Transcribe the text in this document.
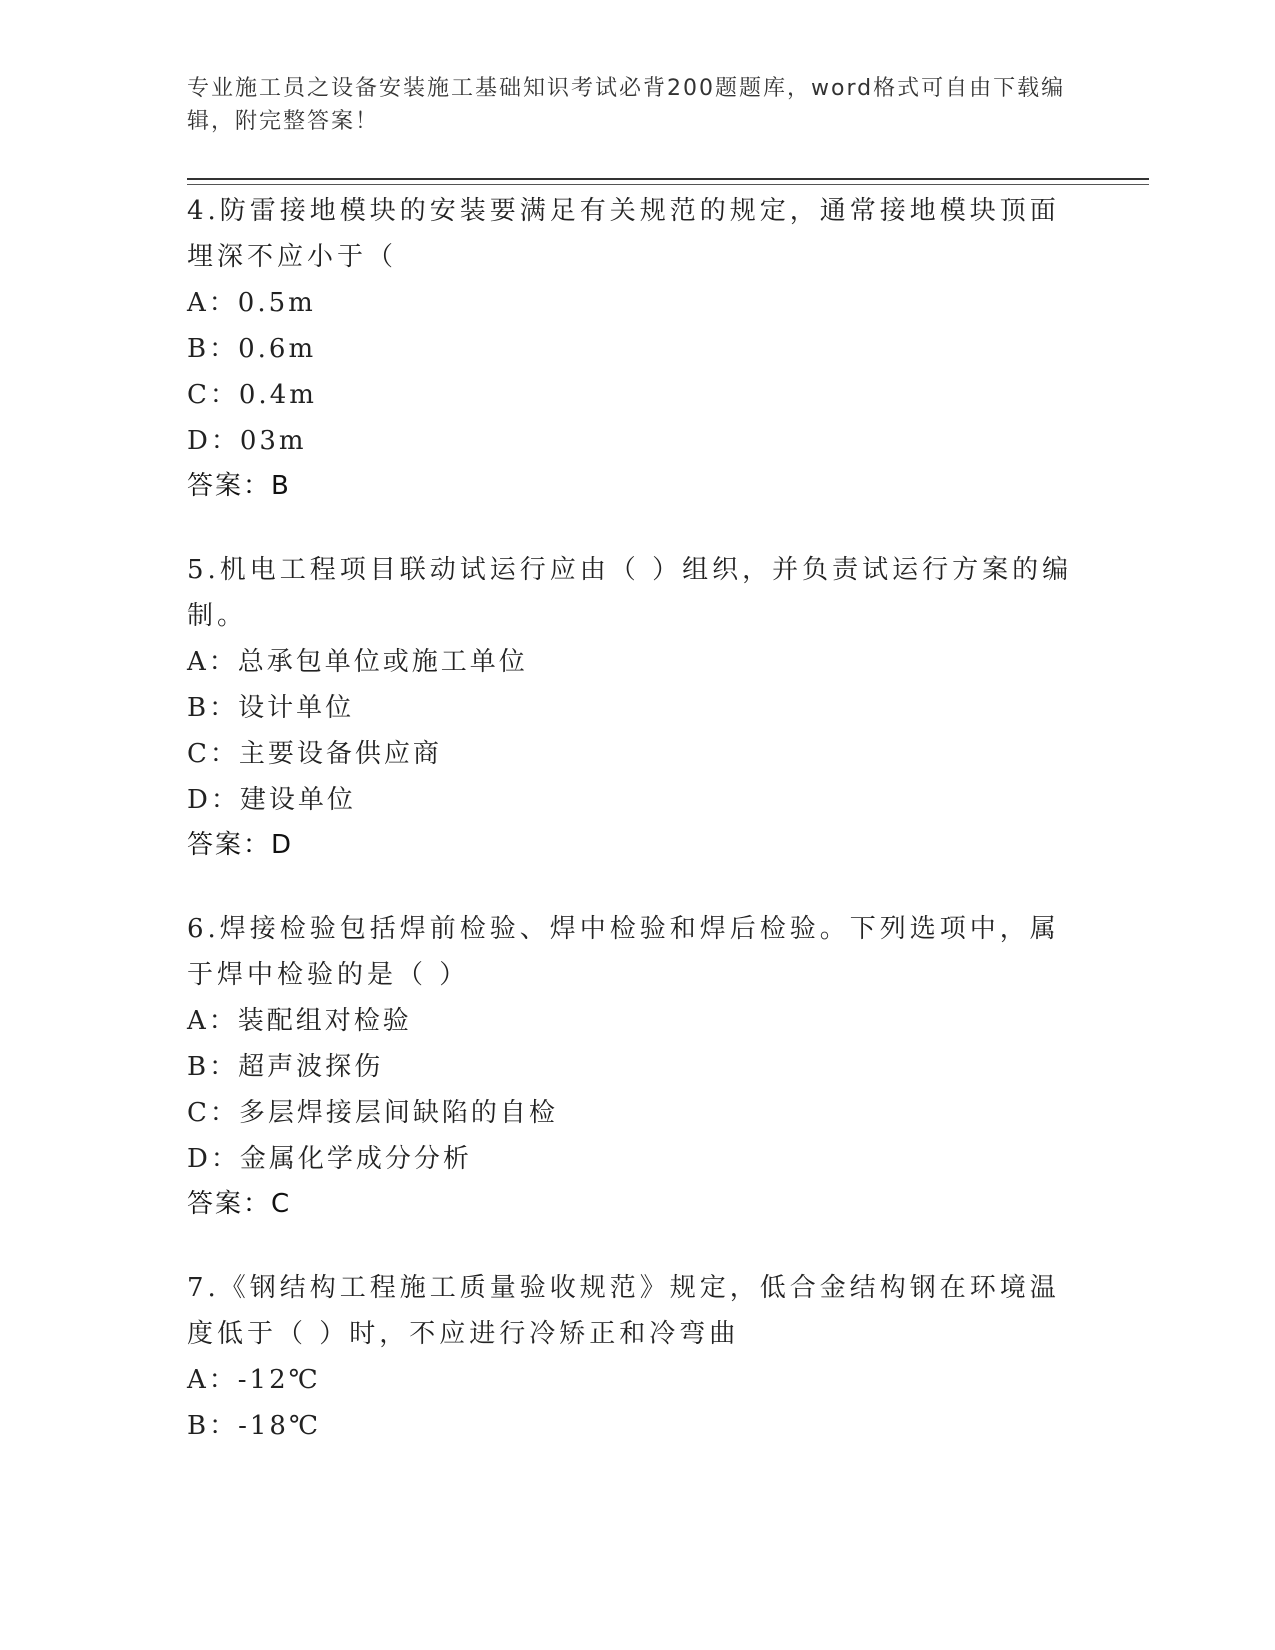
专业施工员之设备安装施工基础知识考试必背200题题库，word格式可自由下载编辑，附完整答案！

4.防雷接地模块的安装要满足有关规范的规定，通常接地模块顶面埋深不应小于（

A：0.5m

B：0.6m

C：0.4m

D：03m

答案：B

5.机电工程项目联动试运行应由（ ）组织，并负责试运行方案的编制。

A：总承包单位或施工单位

B：设计单位

C：主要设备供应商

D：建设单位

答案：D

6.焊接检验包括焊前检验、焊中检验和焊后检验。下列选项中，属于焊中检验的是（ ）

A：装配组对检验

B：超声波探伤

C：多层焊接层间缺陷的自检

D：金属化学成分分析

答案：C

7.《钢结构工程施工质量验收规范》规定，低合金结构钢在环境温度低于（ ）时，不应进行冷矫正和冷弯曲

A：-12℃

B：-18℃
